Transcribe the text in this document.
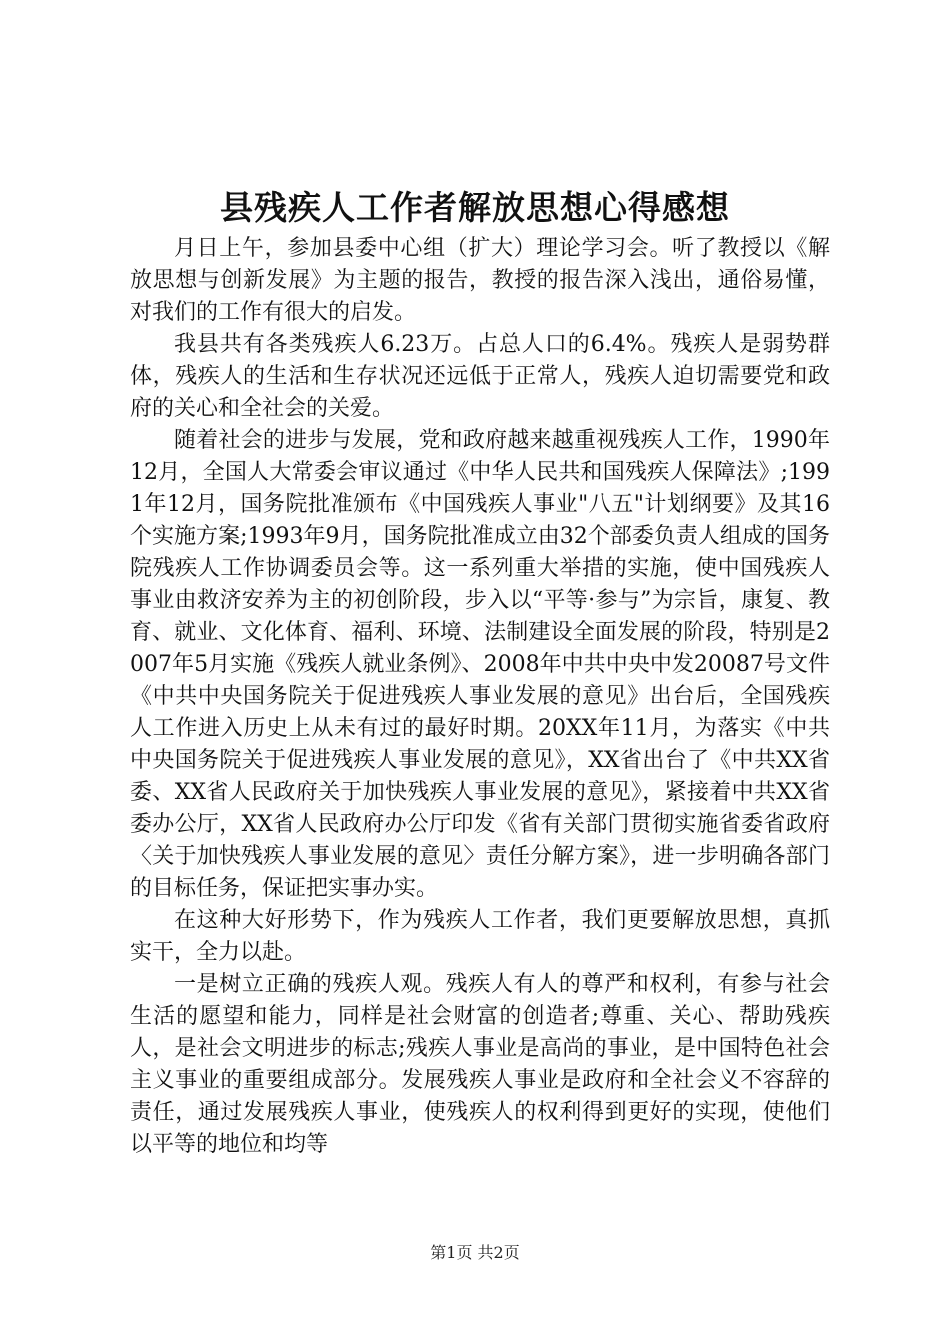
县残疾人工作者解放思想心得感想

月日上午，参加县委中心组（扩大）理论学习会。听了教授以《解放思想与创新发展》为主题的报告，教授的报告深入浅出，通俗易懂，对我们的工作有很大的启发。

我县共有各类残疾人6.23万。占总人口的6.4%。残疾人是弱势群体，残疾人的生活和生存状况还远低于正常人，残疾人迫切需要党和政府的关心和全社会的关爱。

随着社会的进步与发展，党和政府越来越重视残疾人工作，1990年12月，全国人大常委会审议通过《中华人民共和国残疾人保障法》;1991年12月，国务院批准颁布《中国残疾人事业"八五"计划纲要》及其16个实施方案;1993年9月，国务院批准成立由32个部委负责人组成的国务院残疾人工作协调委员会等。这一系列重大举措的实施，使中国残疾人事业由救济安养为主的初创阶段，步入以“平等·参与”为宗旨，康复、教育、就业、文化体育、福利、环境、法制建设全面发展的阶段，特别是2007年5月实施《残疾人就业条例》、2008年中共中央中发20087号文件《中共中央国务院关于促进残疾人事业发展的意见》出台后，全国残疾人工作进入历史上从未有过的最好时期。20XX年11月，为落实《中共中央国务院关于促进残疾人事业发展的意见》，XX省出台了《中共XX省委、XX省人民政府关于加快残疾人事业发展的意见》，紧接着中共XX省委办公厅，XX省人民政府办公厅印发《省有关部门贯彻实施省委省政府〈关于加快残疾人事业发展的意见〉责任分解方案》，进一步明确各部门的目标任务，保证把实事办实。

在这种大好形势下，作为残疾人工作者，我们更要解放思想，真抓实干，全力以赴。

一是树立正确的残疾人观。残疾人有人的尊严和权利，有参与社会生活的愿望和能力，同样是社会财富的创造者;尊重、关心、帮助残疾人，是社会文明进步的标志;残疾人事业是高尚的事业，是中国特色社会主义事业的重要组成部分。发展残疾人事业是政府和全社会义不容辞的责任，通过发展残疾人事业，使残疾人的权利得到更好的实现，使他们以平等的地位和均等

第1页 共2页
